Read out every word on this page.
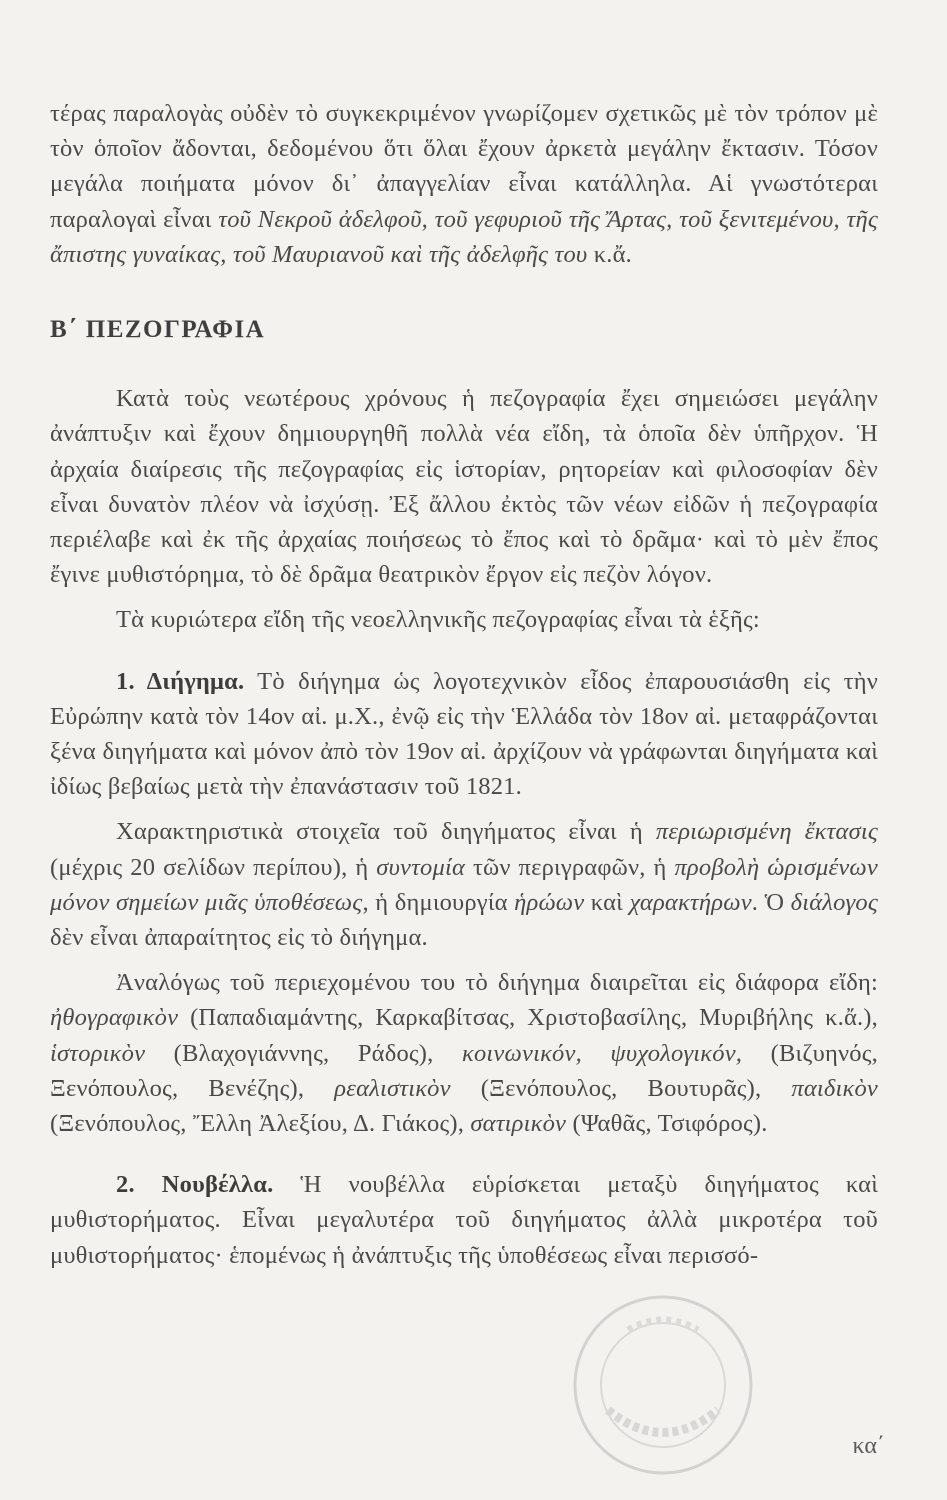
τέρας παραλογὰς οὐδὲν τὸ συγκεκριμένον γνωρίζομεν σχετικῶς μὲ τὸν τρόπον μὲ τὸν ὁποῖον ἄδονται, δεδομένου ὅτι ὅλαι ἔχουν ἀρκετὰ μεγάλην ἔκτασιν. Τόσον μεγάλα ποιήματα μόνον δι᾽ ἀπαγγελίαν εἶναι κατάλληλα. Αἱ γνωστότεραι παραλογαὶ εἶναι τοῦ Νεκροῦ ἀδελφοῦ, τοῦ γεφυριοῦ τῆς Ἄρτας, τοῦ ξενιτεμένου, τῆς ἄπιστης γυναίκας, τοῦ Μαυριανοῦ καὶ τῆς ἀδελφῆς του κ.ἄ.

Β΄ ΠΕΖΟΓΡΑΦΙΑ

Κατὰ τοὺς νεωτέρους χρόνους ἡ πεζογραφία ἔχει σημειώσει μεγάλην ἀνάπτυξιν καὶ ἔχουν δημιουργηθῆ πολλὰ νέα εἴδη, τὰ ὁποῖα δὲν ὑπῆρχον. Ἡ ἀρχαία διαίρεσις τῆς πεζογραφίας εἰς ἱστορίαν, ρητορείαν καὶ φιλοσοφίαν δὲν εἶναι δυνατὸν πλέον νὰ ἰσχύσῃ. Ἐξ ἄλλου ἐκτὸς τῶν νέων εἰδῶν ἡ πεζογραφία περιέλαβε καὶ ἐκ τῆς ἀρχαίας ποιήσεως τὸ ἔπος καὶ τὸ δρᾶμα· καὶ τὸ μὲν ἔπος ἔγινε μυθιστόρημα, τὸ δὲ δρᾶμα θεατρικὸν ἔργον εἰς πεζὸν λόγον.

Τὰ κυριώτερα εἴδη τῆς νεοελληνικῆς πεζογραφίας εἶναι τὰ ἑξῆς:

1. Διήγημα. Τὸ διήγημα ὡς λογοτεχνικὸν εἶδος ἐπαρουσιάσθη εἰς τὴν Εὐρώπην κατὰ τὸν 14ον αἰ. μ.Χ., ἐνῷ εἰς τὴν Ἑλλάδα τὸν 18ον αἰ. μεταφράζονται ξένα διηγήματα καὶ μόνον ἀπὸ τὸν 19ον αἰ. ἀρχίζουν νὰ γράφωνται διηγήματα καὶ ἰδίως βεβαίως μετὰ τὴν ἐπανάστασιν τοῦ 1821.

Χαρακτηριστικὰ στοιχεῖα τοῦ διηγήματος εἶναι ἡ περιωρισμένη ἔκτασις (μέχρις 20 σελίδων περίπου), ἡ συντομία τῶν περιγραφῶν, ἡ προβολὴ ὡρισμένων μόνον σημείων μιᾶς ὑποθέσεως, ἡ δημιουργία ἡρώων καὶ χαρακτήρων. Ὁ διάλογος δὲν εἶναι ἀπαραίτητος εἰς τὸ διήγημα.

Ἀναλόγως τοῦ περιεχομένου του τὸ διήγημα διαιρεῖται εἰς διάφορα εἴδη: ἠθογραφικὸν (Παπαδιαμάντης, Καρκαβίτσας, Χριστοβασίλης, Μυριβήλης κ.ἄ.), ἱστορικὸν (Βλαχογιάννης, Ράδος), κοινωνικόν, ψυχολογικόν, (Βιζυηνός, Ξενόπουλος, Βενέζης), ρεαλιστικὸν (Ξενόπουλος, Βουτυρᾶς), παιδικὸν (Ξενόπουλος, Ἔλλη Ἀλεξίου, Δ. Γιάκος), σατιρικὸν (Ψαθᾶς, Τσιφόρος).

2. Νουβέλλα. Ἡ νουβέλλα εὑρίσκεται μεταξὺ διηγήματος καὶ μυθιστορήματος. Εἶναι μεγαλυτέρα τοῦ διηγήματος ἀλλὰ μικροτέρα τοῦ μυθιστορήματος· ἑπομένως ἡ ἀνάπτυξις τῆς ὑποθέσεως εἶναι περισσό-

κα΄
